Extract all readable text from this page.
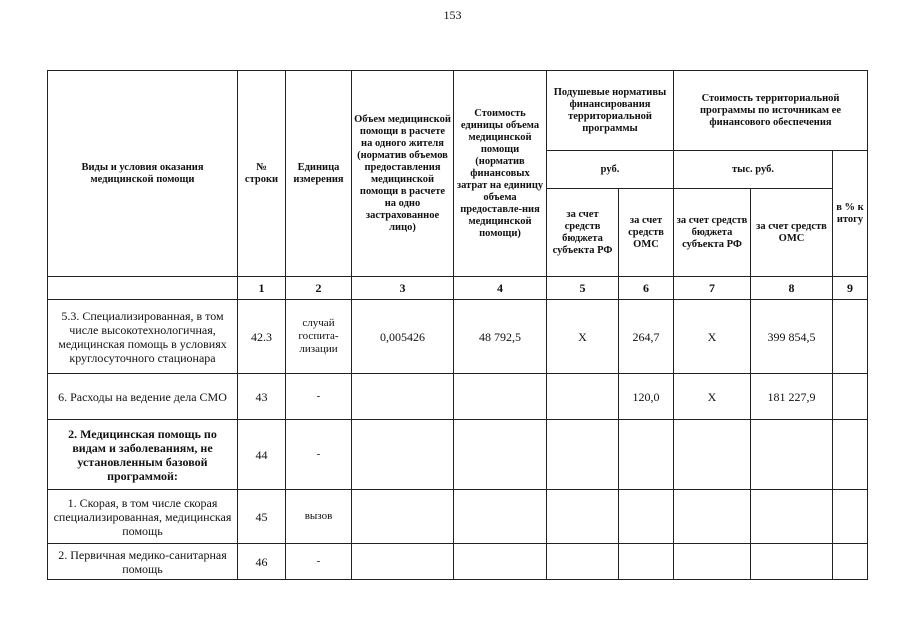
153
Виды и условия оказания медицинской помощи	№ строки	Единица измерения	Объем медицинской помощи в расчете на одного жителя (норматив объемов предоставления медицинской помощи в расчете на одно застрахованное лицо)	Стоимость единицы объема медицинской помощи (норматив финансовых затрат на единицу объема предоставле-ния медицинской помощи)	Подушевые нормативы финансирования территориальной программы		Стоимость территориальной программы по источникам ее финансового обеспечения		
					руб.		тыс. руб.		в % к итогу
					за счет средств бюджета субъекта РФ	за счет средств ОМС	за счет средств бюджета субъекта РФ	за счет средств ОМС	
	1	2	3	4	5	6	7	8	9
5.3. Специализированная, в том числе высокотехнологичная, медицинская помощь в условиях круглосуточного стационара	42.3	случай госпита-лизации	0,005426	48 792,5	Х	264,7	Х	399 854,5	
6. Расходы на ведение дела СМО	43	-				120,0	Х	181 227,9	
2. Медицинская помощь по видам и заболеваниям, не установленным базовой программой:	44	-							
1. Скорая, в том числе скорая специализированная, медицинская помощь	45	вызов							
2. Первичная медико-санитарная помощь	46	-							
